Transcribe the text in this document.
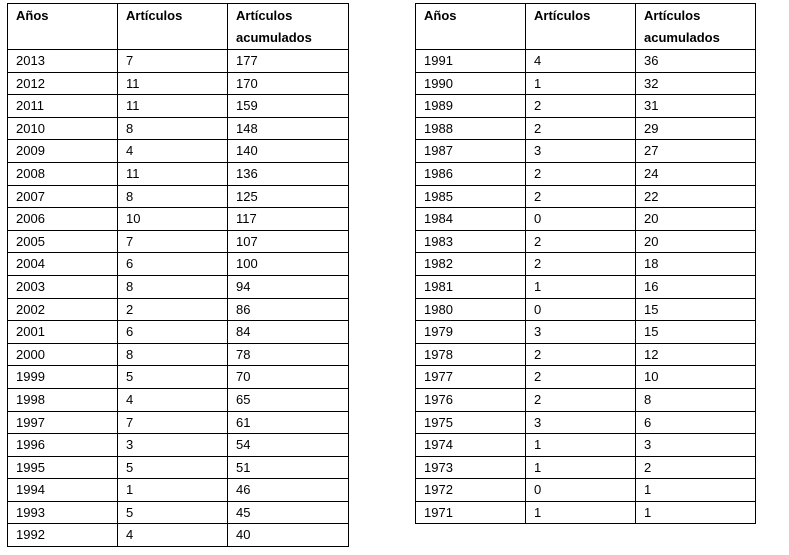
Años	Artículos	Artículos
acumulados

2013	7	177
2012	11	170
2011	11	159
2010	8	148
2009	4	140
2008	11	136
2007	8	125
2006	10	117
2005	7	107
2004	6	100
2003	8	94
2002	2	86
2001	6	84
2000	8	78
1999	5	70
1998	4	65
1997	7	61
1996	3	54
1995	5	51
1994	1	46
1993	5	45
1992	4	40
Años	Artículos	Artículos
acumulados

1991	4	36
1990	1	32
1989	2	31
1988	2	29
1987	3	27
1986	2	24
1985	2	22
1984	0	20
1983	2	20
1982	2	18
1981	1	16
1980	0	15
1979	3	15
1978	2	12
1977	2	10
1976	2	8
1975	3	6
1974	1	3
1973	1	2
1972	0	1
1971	1	1
